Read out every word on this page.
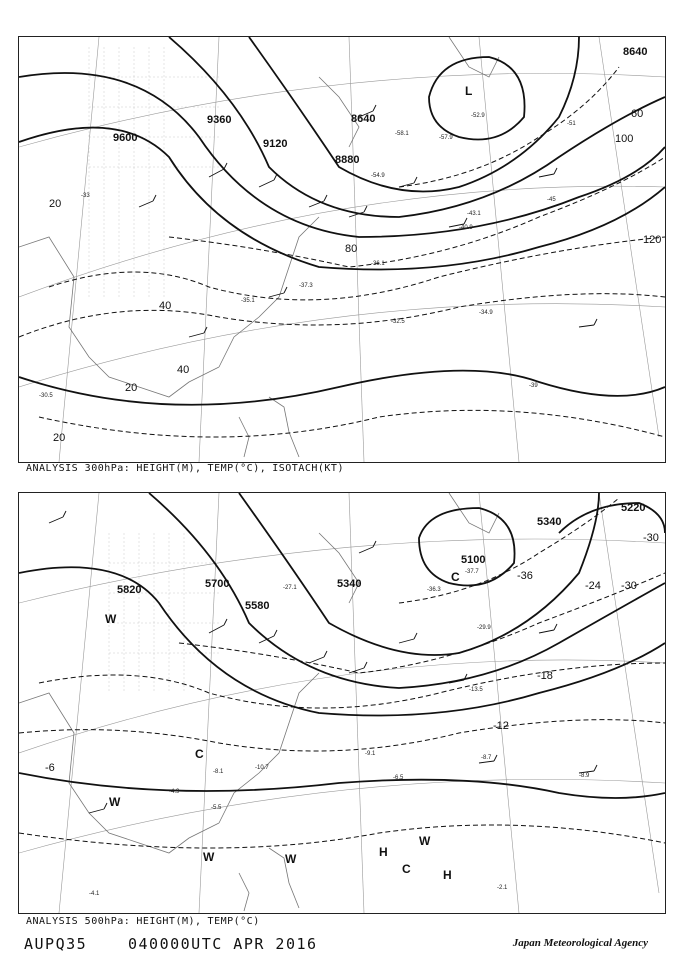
9600
9360
9120
8880
8640
8640
20
40
60
80
100
120
20
40
20
L
-33
-35.1
-36.1
-32.5
-34.9
-39
-40.9
-45
-51
-54.9
-57.9
-52.9
-58.1
-43.1
-37.3
-30.5
ANALYSIS 300hPa: HEIGHT(M), TEMP(°C), ISOTACH(KT)
5820	5700
5580
5340
5100
5340
5220
-6
-12
-18
-24 -30
-30
-36
W
W
W	W
C
C
H
C	H
W
-4.9
-8.1
-10.7
-9.1
-6.5
-8.7
-8.9
-13.5
-29.9
-36.3
-37.7
-27.1
-2.1
-4.1
-5.5
ANALYSIS 500hPa: HEIGHT(M), TEMP(°C)
AUPQ35	040000UTC APR 2016	Japan Meteorological Agency
